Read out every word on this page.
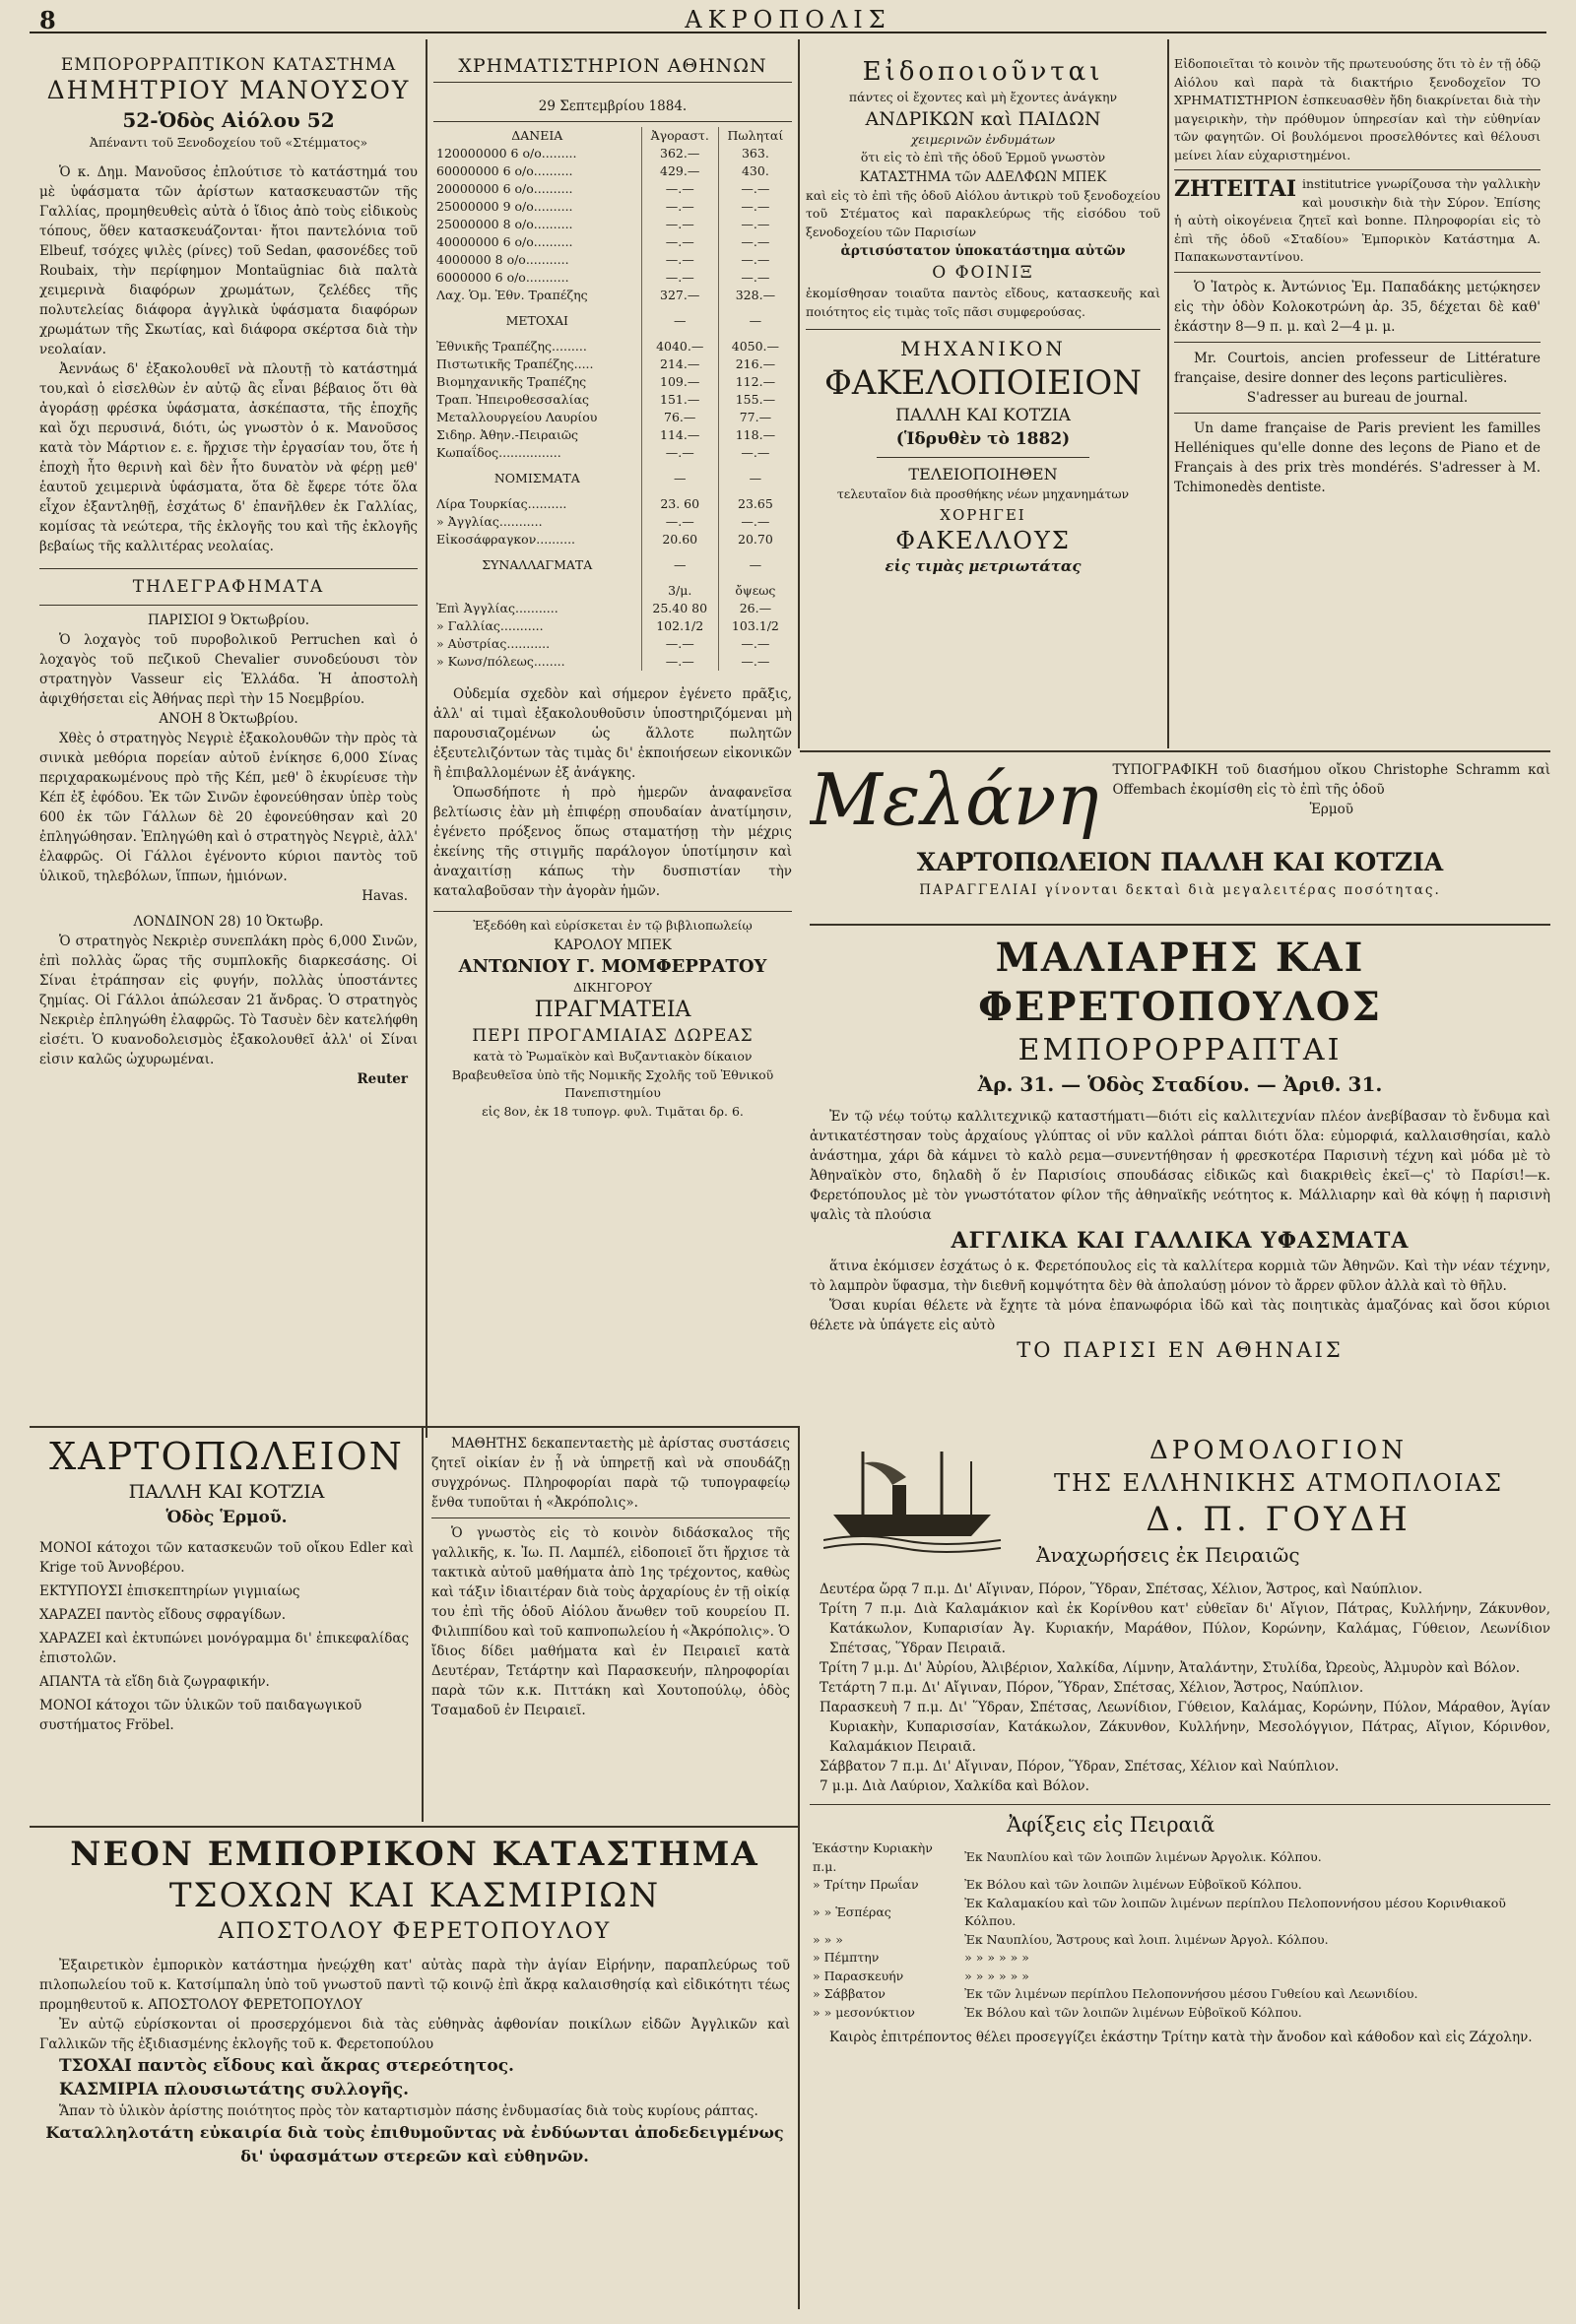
8	ΑΚΡΟΠΟΛΙΣ
ΕΜΠΟΡΟΡΡΑΠΤΙΚΟΝ ΚΑΤΑΣΤΗΜΑ
ΔΗΜΗΤΡΙΟΥ ΜΑΝΟΥΣΟΥ
52-Ὁδὸς Αἰόλου 52
Ἀπέναντι τοῦ Ξενοδοχείου τοῦ «Στέμματος»
Ὁ κ. Δημ. Μανοῦσος ἐπλούτισε τὸ κατάστημά του μὲ ὑφάσματα τῶν ἀρίστων κατασκευαστῶν τῆς Γαλλίας, προμηθευθεὶς αὐτὰ ὁ ἴδιος ἀπὸ τοὺς εἰδικοὺς τόπους, ὅθεν κατασκευάζονται· ἤτοι παντελόνια τοῦ Elbeuf, τσόχες ψιλὲς (ρίνες) τοῦ Sedan, φασονέδες τοῦ Roubaix, τὴν περίφημον Montaügniac διὰ παλτὰ χειμερινὰ διαφόρων χρωμάτων, ζελέδες τῆς πολυτελείας διάφορα ἀγγλικὰ ὑφάσματα διαφόρων χρωμάτων τῆς Σκωτίας, καὶ διάφορα σκέρτσα διὰ τὴν νεολαίαν.
Ἀεννάως δ' ἐξακολουθεῖ νὰ πλουτῇ τὸ κατάστημά του,καὶ ὁ εἰσελθὼν ἐν αὐτῷ ἂς εἶναι βέβαιος ὅτι θὰ ἀγοράσῃ φρέσκα ὑφάσματα, ἀσκέπαστα, τῆς ἐποχῆς καὶ ὄχι περυσινά, διότι, ὡς γνωστὸν ὁ κ. Μανοῦσος κατὰ τὸν Μάρτιον ε. ε. ἤρχισε τὴν ἐργασίαν του, ὅτε ἡ ἐποχὴ ἦτο θερινὴ καὶ δὲν ἦτο δυνατὸν νὰ φέρῃ μεθ' ἑαυτοῦ χειμερινὰ ὑφάσματα, ὅτα δὲ ἔφερε τότε ὅλα εἶχον ἐξαντληθῇ, ἐσχάτως δ' ἐπανῆλθεν ἐκ Γαλλίας, κομίσας τὰ νεώτερα, τῆς ἐκλογῆς του καὶ τῆς ἐκλογῆς βεβαίως τῆς καλλιτέρας νεολαίας.
ΤΗΛΕΓΡΑΦΗΜΑΤΑ
ΠΑΡΙΣΙΟΙ 9 Ὀκτωβρίου.
Ὁ λοχαγὸς τοῦ πυροβολικοῦ Perruchen καὶ ὁ λοχαγὸς τοῦ πεζικοῦ Chevalier συνοδεύουσι τὸν στρατηγὸν Vasseur εἰς Ἑλλάδα. Ἡ ἀποστολὴ ἀφιχθήσεται εἰς Ἀθήνας περὶ τὴν 15 Νοεμβρίου.
ΑΝΟΗ 8 Ὀκτωβρίου.
Χθὲς ὁ στρατηγὸς Νεγριὲ ἐξακολουθῶν τὴν πρὸς τὰ σινικὰ μεθόρια πορείαν αὐτοῦ ἐνίκησε 6,000 Σίνας περιχαρακωμένους πρὸ τῆς Κέπ, μεθ' ὃ ἐκυρίευσε τὴν Κέπ ἐξ ἐφόδου. Ἐκ τῶν Σινῶν ἐφονεύθησαν ὑπὲρ τοὺς 600 ἐκ τῶν Γάλλων δὲ 20 ἐφονεύθησαν καὶ 20 ἐπληγώθησαν. Ἐπληγώθη καὶ ὁ στρατηγὸς Νεγριὲ, ἀλλ' ἐλαφρῶς. Οἱ Γάλλοι ἐγένοντο κύριοι παντὸς τοῦ ὑλικοῦ, τηλεβόλων, ἵππων, ἡμιόνων.
Havas.
ΛΟΝΔΙΝΟΝ 28) 10 Ὀκτωβρ.
Ὁ στρατηγὸς Νεκριὲρ συνεπλάκη πρὸς 6,000 Σινῶν, ἐπὶ πολλὰς ὥρας τῆς συμπλοκῆς διαρκεσάσης. Οἱ Σίναι ἐτράπησαν εἰς φυγήν, πολλὰς ὑποστάντες ζημίας. Οἱ Γάλλοι ἀπώλεσαν 21 ἄνδρας. Ὁ στρατηγὸς Νεκριὲρ ἐπληγώθη ἐλαφρῶς. Τὸ Τασυὲν δὲν κατελήφθη εἰσέτι. Ὁ κυανοδολεισμὸς ἐξακολουθεῖ ἀλλ' οἱ Σίναι εἰσιν καλῶς ὡχυρωμέναι.
Reuter
ΧΡΗΜΑΤΙΣΤΗΡΙΟΝ ΑΘΗΝΩΝ
29 Σεπτεμβρίου 1884.
ΔΑΝΕΙΑ	Ἀγοραστ.	Πωληταί
120000000 6 ο/ο.........	362.—	363.
60000000 6 ο/ο..........	429.—	430.
20000000 6 ο/ο..........	—.—	—.—
25000000 9 ο/ο..........	—.—	—.—
25000000 8 ο/ο..........	—.—	—.—
40000000 6 ο/ο..........	—.—	—.—
4000000 8 ο/ο...........	—.—	—.—
6000000 6 ο/ο...........	—.—	—.—
Λαχ. Ὁμ. Ἐθν. Τραπέζης	327.—	328.—
ΜΕΤΟΧΑΙ	—	—
Ἐθνικῆς Τραπέζης.........	4040.—	4050.—
Πιστωτικῆς Τραπέζης.....	214.—	216.—
Βιομηχανικῆς Τραπέζης	109.—	112.—
Τραπ. Ἠπειροθεσσαλίας	151.—	155.—
Μεταλλουργείου Λαυρίου	76.—	77.—
Σιδηρ. Ἀθην.-Πειραιῶς	114.—	118.—
Κωπαΐδος................	—.—	—.—
ΝΟΜΙΣΜΑΤΑ	—	—
Λίρα Τουρκίας..........	23. 60	23.65
» Ἀγγλίας...........	—.—	—.—
Εἰκοσάφραγκον..........	20.60	20.70
ΣΥΝΑΛΛΑΓΜΑΤΑ	—	—
	3/μ.	ὄψεως
Ἐπὶ Ἀγγλίας...........	25.40 80	26.—
» Γαλλίας...........	102.1/2	103.1/2
» Αὐστρίας...........	—.—	—.—
» Κωνσ/πόλεως........	—.—	—.—
Οὐδεμία σχεδὸν καὶ σήμερον ἐγένετο πρᾶξις, ἀλλ' αἱ τιμαὶ ἐξακολουθοῦσιν ὑποστηριζόμεναι μὴ παρουσιαζομένων ὡς ἄλλοτε πωλητῶν ἐξευτελιζόντων τὰς τιμὰς δι' ἐκποιήσεων εἰκονικῶν ἢ ἐπιβαλλομένων ἐξ ἀνάγκης.
Ὁπωσδήποτε ἡ πρὸ ἡμερῶν ἀναφανεῖσα βελτίωσις ἐὰν μὴ ἐπιφέρῃ σπουδαίαν ἀνατίμησιν, ἐγένετο πρόξενος ὅπως σταματήσῃ τὴν μέχρις ἐκείνης τῆς στιγμῆς παράλογον ὑποτίμησιν καὶ ἀναχαιτίσῃ κάπως τὴν δυσπιστίαν τὴν καταλαβοῦσαν τὴν ἀγορὰν ἡμῶν.
Ἐξεδόθη καὶ εὑρίσκεται ἐν τῷ βιβλιοπωλείῳ
ΚΑΡΟΛΟΥ ΜΠΕΚ
ΑΝΤΩΝΙΟΥ Γ. ΜΟΜΦΕΡΡΑΤΟΥ
ΔΙΚΗΓΟΡΟΥ
ΠΡΑΓΜΑΤΕΙΑ
ΠΕΡΙ ΠΡΟΓΑΜΙΑΙΑΣ ΔΩΡΕΑΣ
κατὰ τὸ Ῥωμαϊκὸν καὶ Βυζαντιακὸν δίκαιον
Βραβευθεῖσα ὑπὸ τῆς Νομικῆς Σχολῆς τοῦ Ἐθνικοῦ Πανεπιστημίου
εἰς 8ον, ἐκ 18 τυπογρ. φυλ. Τιμᾶται δρ. 6.
Εἰδοποιοῦνται
πάντες οἱ ἔχοντες καὶ μὴ ἔχοντες ἀνάγκην
ΑΝΔΡΙΚΩΝ καὶ ΠΑΙΔΩΝ
χειμερινῶν ἐνδυμάτων
ὅτι εἰς τὸ ἐπὶ τῆς ὁδοῦ Ἑρμοῦ γνωστὸν
ΚΑΤΑΣΤΗΜΑ τῶν ΑΔΕΛΦΩΝ ΜΠΕΚ
καὶ εἰς τὸ ἐπὶ τῆς ὁδοῦ Αἰόλου ἀντικρὺ τοῦ ξενοδοχείου τοῦ Στέματος καὶ παρακλεύρως τῆς εἰσόδου τοῦ ξενοδοχείου τῶν Παρισίων
ἀρτισύστατον ὑποκατάστημα αὐτῶν
Ο ΦΟΙΝΙΞ
ἐκομίσθησαν τοιαῦτα παντὸς εἴδους, κατασκευῆς καὶ ποιότητος εἰς τιμὰς τοῖς πᾶσι συμφερούσας.
ΜΗΧΑΝΙΚΟΝ
ΦΑΚΕΛΟΠΟΙΕΙΟΝ
ΠΑΛΛΗ ΚΑΙ ΚΟΤΖΙΑ
(Ἱδρυθὲν τὸ 1882)
ΤΕΛΕΙΟΠΟΙΗΘΕΝ
τελευταῖον διὰ προσθήκης νέων μηχανημάτων
ΧΟΡΗΓΕΙ
ΦΑΚΕΛΛΟΥΣ
εἰς τιμὰς μετριωτάτας
Εἰδοποιεῖται τὸ κοινὸν τῆς πρωτευούσης ὅτι τὸ ἐν τῇ ὁδῷ Αἰόλου καὶ παρὰ τὰ διακτήριο ξενοδοχεῖον ΤΟ ΧΡΗΜΑΤΙΣΤΗΡΙΟΝ ἐσπκευασθὲν ἤδη διακρίνεται διὰ τὴν μαγειρικὴν, τὴν πρόθυμον ὑπηρεσίαν καὶ τὴν εὐθηνίαν τῶν φαγητῶν. Οἱ βουλόμενοι προσελθόντες καὶ θέλουσι μείνει λίαν εὐχαριστημένοι.
ΖΗΤΕΙΤΑΙ institutrice γνωρίζουσα τὴν γαλλικὴν καὶ μουσικὴν διὰ τὴν Σύρον. Ἐπίσης ἡ αὐτὴ οἰκογένεια ζητεῖ καὶ bonne. Πληροφορίαι εἰς τὸ ἐπὶ τῆς ὁδοῦ «Σταδίου» Ἐμπορικὸν Κατάστημα Α. Παπακωνσταντίνου.
Ὁ Ἰατρὸς κ. Ἀντώνιος Ἐμ. Παπαδάκης μετῴκησεν εἰς τὴν ὁδὸν Κολοκοτρώνη ἀρ. 35, δέχεται δὲ καθ' ἑκάστην 8—9 π. μ. καὶ 2—4 μ. μ.
Mr. Courtois, ancien professeur de Littérature française, desire donner des leçons particulières.
S'adresser au bureau de journal.
Un dame française de Paris previent les familles Helléniques qu'elle donne des leçons de Piano et de Français à des prix très mondérés. S'adresser à M. Tchimonedès dentiste.
Μελάνη	ΤΥΠΟΓΡΑΦΙΚΗ τοῦ διασήμου οἴκου Christophe Schramm καὶ Offembach ἐκομίσθη εἰς τὸ ἐπὶ τῆς ὁδοῦ
Ἑρμοῦ
ΧΑΡΤΟΠΩΛΕΙΟΝ ΠΑΛΛΗ ΚΑΙ ΚΟΤΖΙΑ
ΠΑΡΑΓΓΕΛΙΑΙ γίνονται δεκταὶ διὰ μεγαλειτέρας ποσότητας.
ΜΑΛΙΑΡΗΣ ΚΑΙ ΦΕΡΕΤΟΠΟΥΛΟΣ
ΕΜΠΟΡΟΡΡΑΠΤΑΙ
Ἀρ. 31. — Ὁδὸς Σταδίου. — Ἀριθ. 31.
Ἐν τῷ νέῳ τούτῳ καλλιτεχνικῷ καταστήματι—διότι εἰς καλλιτεχνίαν πλέον ἀνεβίβασαν τὸ ἔνδυμα καὶ ἀντικατέστησαν τοὺς ἀρχαίους γλύπτας οἱ νῦν καλλοὶ ράπται διότι ὅλα: εὐμορφιά, καλλαισθησίαι, καλὸ ἀνάστημα, χάρι δὰ κάμνει τὸ καλὸ ρεμα—συνεντήθησαν ἡ φρεσκοτέρα Παρισινὴ τέχνη καὶ μόδα μὲ τὸ Ἀθηναϊκὸν στο, δηλαδὴ ὅ ἐν Παρισίοις σπουδάσας εἰδικῶς καὶ διακριθεὶς ἐκεῖ—ς' τὸ Παρίσι!—κ. Φερετόπουλος μὲ τὸν γνωστότατον φίλον τῆς ἀθηναϊκῆς νεότητος κ. Μάλλιαρην καὶ θὰ κόψῃ ἡ παρισινὴ ψαλὶς τὰ πλούσια
ΑΓΓΛΙΚΑ ΚΑΙ ΓΑΛΛΙΚΑ ΥΦΑΣΜΑΤΑ
ἅτινα ἐκόμισεν ἐσχάτως ὁ κ. Φερετόπουλος εἰς τὰ καλλίτερα κορμιὰ τῶν Ἀθηνῶν. Καὶ τὴν νέαν τέχνην, τὸ λαμπρὸν ὕφασμα, τὴν διεθνῆ κομψότητα δὲν θὰ ἀπολαύσῃ μόνον τὸ ἄρρεν φῦλον ἀλλὰ καὶ τὸ θῆλυ.
Ὅσαι κυρίαι θέλετε νὰ ἔχητε τὰ μόνα ἐπανωφόρια ἰδῶ καὶ τὰς ποιητικὰς ἁμαζόνας καὶ ὅσοι κύριοι θέλετε νὰ ὑπάγετε εἰς αὐτὸ
ΤΟ ΠΑΡΙΣΙ ΕΝ ΑΘΗΝΑΙΣ
ΧΑΡΤΟΠΩΛΕΙΟΝ
ΠΑΛΛΗ ΚΑΙ ΚΟΤΖΙΑ
Ὁδὸς Ἑρμοῦ.
ΜΟΝΟΙ κάτοχοι τῶν κατασκευῶν τοῦ οἴκου Edler καὶ Krige τοῦ Ἀννοβέρου.
ΕΚΤΥΠΟΥΣΙ ἐπισκεπτηρίων γιγμιαίως
ΧΑΡΑΖΕΙ παντὸς εἴδους σφραγίδων.
ΧΑΡΑΖΕΙ καὶ ἐκτυπώνει μονόγραμμα δι' ἐπικεφαλίδας ἐπιστολῶν.
ΑΠΑΝΤΑ τὰ εἴδη διὰ ζωγραφικήν.
ΜΟΝΟΙ κάτοχοι τῶν ὑλικῶν τοῦ παιδαγωγικοῦ συστήματος Fröbel.
ΜΑΘΗΤΗΣ δεκαπενταετὴς μὲ ἀρίστας συστάσεις ζητεῖ οἰκίαν ἐν ᾗ νὰ ὑπηρετῇ καὶ νὰ σπουδάζῃ συγχρόνως. Πληροφορίαι παρὰ τῷ τυπογραφείῳ ἔνθα τυποῦται ἡ «Ἀκρόπολις».
Ὁ γνωστὸς εἰς τὸ κοινὸν διδάσκαλος τῆς γαλλικῆς, κ. Ἰω. Π. Λαμπέλ, εἰδοποιεῖ ὅτι ἤρχισε τὰ τακτικὰ αὐτοῦ μαθήματα ἀπὸ 1ης τρέχοντος, καθὼς καὶ τάξιν ἰδιαιτέραν διὰ τοὺς ἀρχαρίους ἐν τῇ οἰκίᾳ του ἐπὶ τῆς ὁδοῦ Αἰόλου ἄνωθεν τοῦ κουρείου Π. Φιλιππίδου καὶ τοῦ καπνοπωλείου ἡ «Ἀκρόπολις». Ὁ ἴδιος δίδει μαθήματα καὶ ἐν Πειραιεῖ κατὰ Δευτέραν, Τετάρτην καὶ Παρασκευήν, πληροφορίαι παρὰ τῶν κ.κ. Πιττάκη καὶ Χουτοπούλῳ, ὁδὸς Τσαμαδοῦ ἐν Πειραιεῖ.
ΝΕΟΝ ΕΜΠΟΡΙΚΟΝ ΚΑΤΑΣΤΗΜΑ
ΤΣΟΧΩΝ ΚΑΙ ΚΑΣΜΙΡΙΩΝ
ΑΠΟΣΤΟΛΟΥ ΦΕΡΕΤΟΠΟΥΛΟΥ
Ἐξαιρετικὸν ἐμπορικὸν κατάστημα ἠνεῴχθη κατ' αὐτὰς παρὰ τὴν ἁγίαν Εἰρήνην, παραπλεύρως τοῦ πιλοπωλείου τοῦ κ. Κατσίμπαλη ὑπὸ τοῦ γνωστοῦ παντὶ τῷ κοινῷ ἐπὶ ἄκρᾳ καλαισθησίᾳ καὶ εἰδικότητι τέως προμηθευτοῦ κ. ΑΠΟΣΤΟΛΟΥ ΦΕΡΕΤΟΠΟΥΛΟΥ
Ἐν αὐτῷ εὑρίσκονται οἱ προσερχόμενοι διὰ τὰς εὐθηνὰς ἀφθονίαν ποικίλων εἰδῶν Ἀγγλικῶν καὶ Γαλλικῶν τῆς ἐξιδιασμένης ἐκλογῆς τοῦ κ. Φερετοπούλου
ΤΣΟΧΑΙ παντὸς εἴδους καὶ ἄκρας στερεότητος.
ΚΑΣΜΙΡΙΑ πλουσιωτάτης συλλογῆς.
Ἅπαν τὸ ὑλικὸν ἀρίστης ποιότητος πρὸς τὸν καταρτισμὸν πάσης ἐνδυμασίας διὰ τοὺς κυρίους ράπτας.
Καταλληλοτάτη εὐκαιρία διὰ τοὺς ἐπιθυμοῦντας νὰ ἐνδύωνται ἀποδεδειγμένως δι' ὑφασμάτων στερεῶν καὶ εὐθηνῶν.
ΔΡΟΜΟΛΟΓΙΟΝ
ΤΗΣ ΕΛΛΗΝΙΚΗΣ ΑΤΜΟΠΛΟΙΑΣ
Δ. Π. ΓΟΥΔΗ
Ἀναχωρήσεις ἐκ Πειραιῶς
Δευτέρα ὥρᾳ 7 π.μ. Δι' Αἴγιναν, Πόρον, Ὕδραν, Σπέτσας, Χέλιον, Ἄστρος, καὶ Ναύπλιον.
Τρίτη 7 π.μ. Διὰ Καλαμάκιον καὶ ἐκ Κορίνθου κατ' εὐθεῖαν δι' Αἴγιον, Πάτρας, Κυλλήνην, Ζάκυνθον, Κατάκωλον, Κυπαρισίαν Ἀγ. Κυριακήν, Μαράθον, Πύλον, Κορώνην, Καλάμας, Γύθειον, Λεωνίδιον Σπέτσας, Ὕδραν Πειραιᾶ.
Τρίτη 7 μ.μ. Δι' Ἀὐρίου, Ἀλιβέριον, Χαλκίδα, Λίμνην, Ἀταλάντην, Στυλίδα, Ὠρεοὺς, Ἀλμυρὸν καὶ Βόλον.
Τετάρτη 7 π.μ. Δι' Αἴγιναν, Πόρον, Ὕδραν, Σπέτσας, Χέλιον, Ἄστρος, Ναύπλιον.
Παρασκευὴ 7 π.μ. Δι' Ὕδραν, Σπέτσας, Λεωνίδιον, Γύθειον, Καλάμας, Κορώνην, Πύλον, Μάραθον, Ἁγίαν Κυριακὴν, Κυπαρισσίαν, Κατάκωλον, Ζάκυνθον, Κυλλήνην, Μεσολόγγιον, Πάτρας, Αἴγιον, Κόρινθον, Καλαμάκιον Πειραιᾶ.
Σάββατον 7 π.μ. Δι' Αἴγιναν, Πόρον, Ὕδραν, Σπέτσας, Χέλιον καὶ Ναύπλιον.
7 μ.μ. Διὰ Λαύριον, Χαλκίδα καὶ Βόλον.
Ἀφίξεις εἰς Πειραιᾶ
Ἑκάστην Κυριακὴν π.μ.	Ἐκ Ναυπλίου καὶ τῶν λοιπῶν λιμένων Ἀργολικ. Κόλπου.
» Τρίτην Πρωΐαν	Ἐκ Βόλου καὶ τῶν λοιπῶν λιμένων Εὐβοϊκοῦ Κόλπου.
» » Ἑσπέρας	Ἐκ Καλαμακίου καὶ τῶν λοιπῶν λιμένων περίπλου Πελοποννήσου μέσου Κορινθιακοῦ Κόλπου.
» » »	Ἐκ Ναυπλίου, Ἄστρους καὶ λοιπ. λιμένων Ἀργολ. Κόλπου.
» Πέμπτην	» » » » » »
» Παρασκευήν	» » » » » »
» Σάββατον	Ἐκ τῶν λιμένων περίπλου Πελοποννήσου μέσου Γυθείου καὶ Λεωνιδίου.
» » μεσονύκτιον	Ἐκ Βόλου καὶ τῶν λοιπῶν λιμένων Εὐβοϊκοῦ Κόλπου.
Καιρὸς ἐπιτρέποντος θέλει προσεγγίζει ἑκάστην Τρίτην κατὰ τὴν ἄνοδον καὶ κάθοδον καὶ εἰς Ζάχολην.
